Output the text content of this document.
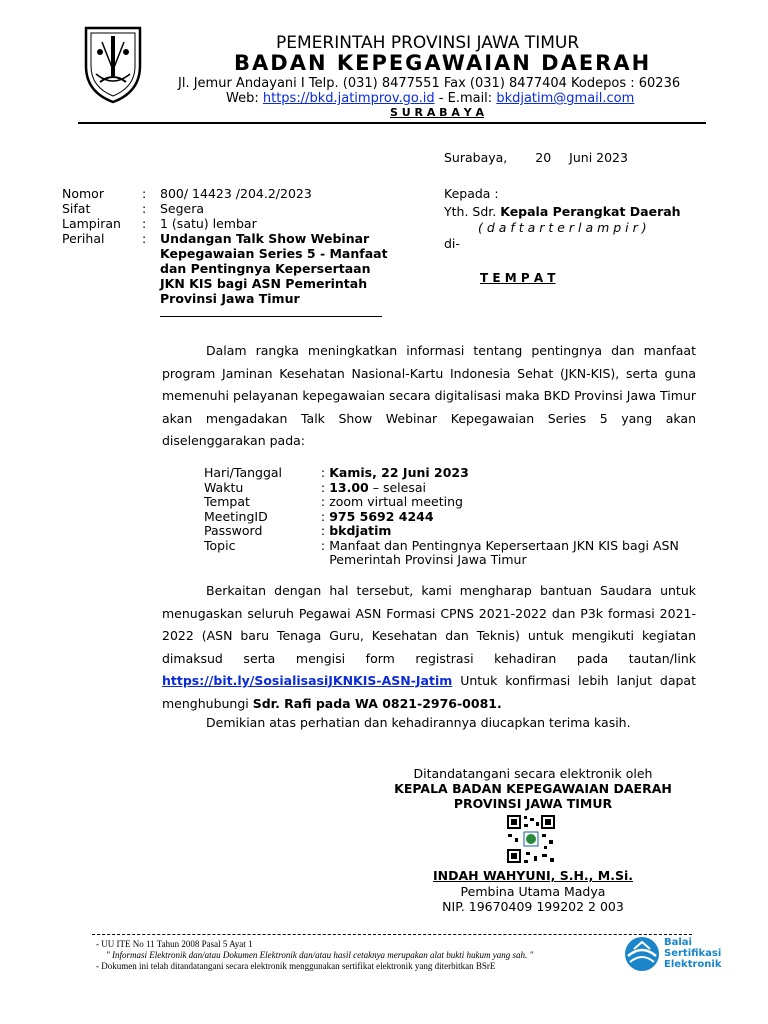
PEMERINTAH PROVINSI JAWA TIMUR
BADAN KEPEGAWAIAN DAERAH
Jl. Jemur Andayani I Telp. (031) 8477551 Fax (031) 8477404 Kodepos : 60236
Web: https://bkd.jatimprov.go.id - E.mail: bkdjatim@gmail.com
S U R A B A Y A
Surabaya, 20 Juni 2023
Nomor	:	800/ 14423 /204.2/2023
Sifat	:	Segera
Lampiran	:	1 (satu) lembar
Perihal	:	Undangan Talk Show Webinar Kepegawaian Series 5 - Manfaat dan Pentingnya Kepersertaan JKN KIS bagi ASN Pemerintah Provinsi Jawa Timur
Kepada :
Yth. Sdr. Kepala Perangkat Daerah
( d a f t a r t e r l a m p i r )
di-
T E M P A T
Dalam rangka meningkatkan informasi tentang pentingnya dan manfaat program Jaminan Kesehatan Nasional-Kartu Indonesia Sehat (JKN-KIS), serta guna memenuhi pelayanan kepegawaian secara digitalisasi maka BKD Provinsi Jawa Timur akan mengadakan Talk Show Webinar Kepegawaian Series 5 yang akan diselenggarakan pada:
Hari/Tanggal	:	Kamis, 22 Juni 2023
Waktu	:	13.00 – selesai
Tempat	:	zoom virtual meeting
MeetingID	:	975 5692 4244
Password	:	bkdjatim
Topic	:	Manfaat dan Pentingnya Kepersertaan JKN KIS bagi ASN Pemerintah Provinsi Jawa Timur
Berkaitan dengan hal tersebut, kami mengharap bantuan Saudara untuk menugaskan seluruh Pegawai ASN Formasi CPNS 2021-2022 dan P3k formasi 2021-2022 (ASN baru Tenaga Guru, Kesehatan dan Teknis) untuk mengikuti kegiatan dimaksud serta mengisi form registrasi kehadiran pada tautan/link https://bit.ly/SosialisasiJKNKIS-ASN-Jatim Untuk konfirmasi lebih lanjut dapat menghubungi Sdr. Rafi pada WA 0821-2976-0081.
Demikian atas perhatian dan kehadirannya diucapkan terima kasih.
Ditandatangani secara elektronik oleh
KEPALA BADAN KEPEGAWAIAN DAERAH
PROVINSI JAWA TIMUR
INDAH WAHYUNI, S.H., M.Si.
Pembina Utama Madya
NIP. 19670409 199202 2 003
- UU ITE No 11 Tahun 2008 Pasal 5 Ayat 1
" Informasi Elektronik dan/atau Dokumen Elektronik dan/atau hasil cetaknya merupakan alat bukti hukum yang sah. "
- Dokumen ini telah ditandatangani secara elektronik menggunakan sertifikat elektronik yang diterbitkan BSrE
Balai
Sertifikasi
Elektronik
